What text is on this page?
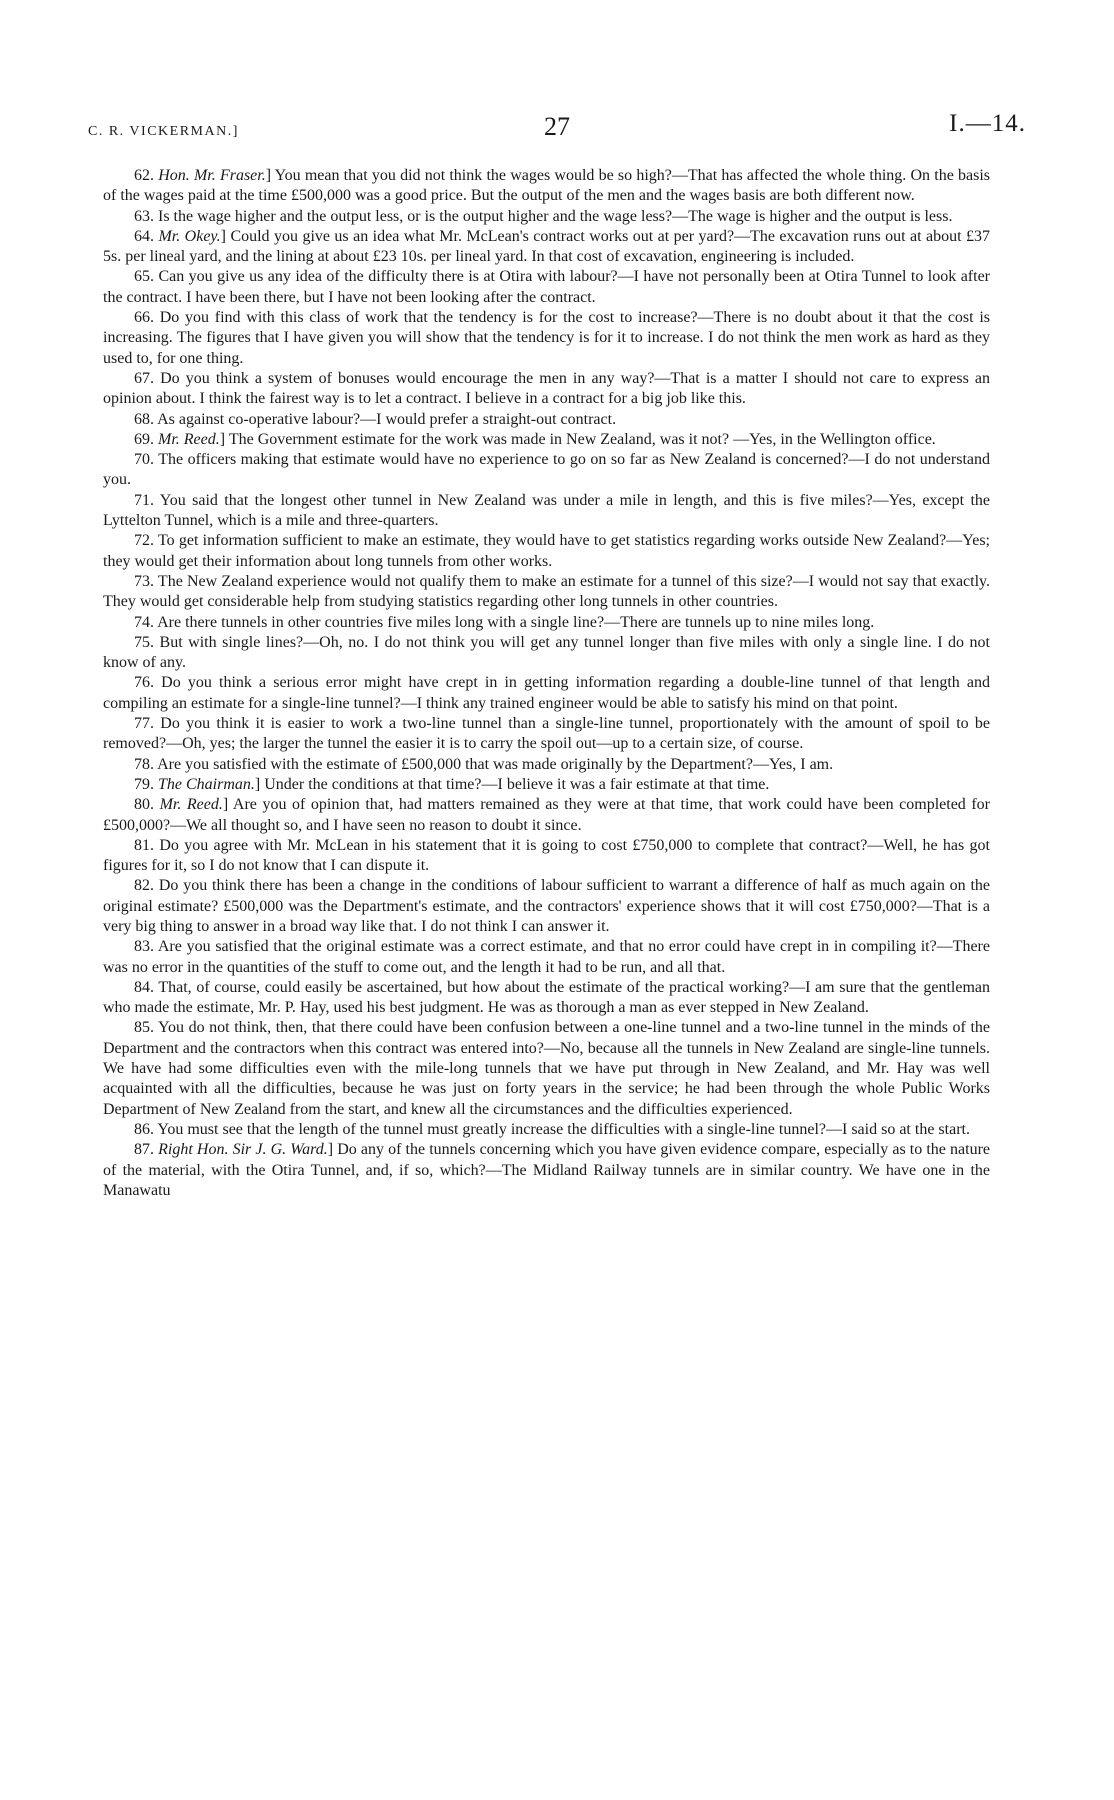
C. R. VICKERMAN.]	27	I.—14.

62. Hon. Mr. Fraser.] You mean that you did not think the wages would be so high?—That has affected the whole thing. On the basis of the wages paid at the time £500,000 was a good price. But the output of the men and the wages basis are both different now.

63. Is the wage higher and the output less, or is the output higher and the wage less?—The wage is higher and the output is less.

64. Mr. Okey.] Could you give us an idea what Mr. McLean's contract works out at per yard?—The excavation runs out at about £37 5s. per lineal yard, and the lining at about £23 10s. per lineal yard. In that cost of excavation, engineering is included.

65. Can you give us any idea of the difficulty there is at Otira with labour?—I have not personally been at Otira Tunnel to look after the contract. I have been there, but I have not been looking after the contract.

66. Do you find with this class of work that the tendency is for the cost to increase?—There is no doubt about it that the cost is increasing. The figures that I have given you will show that the tendency is for it to increase. I do not think the men work as hard as they used to, for one thing.

67. Do you think a system of bonuses would encourage the men in any way?—That is a matter I should not care to express an opinion about. I think the fairest way is to let a contract. I believe in a contract for a big job like this.

68. As against co-operative labour?—I would prefer a straight-out contract.

69. Mr. Reed.] The Government estimate for the work was made in New Zealand, was it not? —Yes, in the Wellington office.

70. The officers making that estimate would have no experience to go on so far as New Zealand is concerned?—I do not understand you.

71. You said that the longest other tunnel in New Zealand was under a mile in length, and this is five miles?—Yes, except the Lyttelton Tunnel, which is a mile and three-quarters.

72. To get information sufficient to make an estimate, they would have to get statistics regarding works outside New Zealand?—Yes; they would get their information about long tunnels from other works.

73. The New Zealand experience would not qualify them to make an estimate for a tunnel of this size?—I would not say that exactly. They would get considerable help from studying statistics regarding other long tunnels in other countries.

74. Are there tunnels in other countries five miles long with a single line?—There are tunnels up to nine miles long.

75. But with single lines?—Oh, no. I do not think you will get any tunnel longer than five miles with only a single line. I do not know of any.

76. Do you think a serious error might have crept in in getting information regarding a double-line tunnel of that length and compiling an estimate for a single-line tunnel?—I think any trained engineer would be able to satisfy his mind on that point.

77. Do you think it is easier to work a two-line tunnel than a single-line tunnel, proportionately with the amount of spoil to be removed?—Oh, yes; the larger the tunnel the easier it is to carry the spoil out—up to a certain size, of course.

78. Are you satisfied with the estimate of £500,000 that was made originally by the Department?—Yes, I am.

79. The Chairman.] Under the conditions at that time?—I believe it was a fair estimate at that time.

80. Mr. Reed.] Are you of opinion that, had matters remained as they were at that time, that work could have been completed for £500,000?—We all thought so, and I have seen no reason to doubt it since.

81. Do you agree with Mr. McLean in his statement that it is going to cost £750,000 to complete that contract?—Well, he has got figures for it, so I do not know that I can dispute it.

82. Do you think there has been a change in the conditions of labour sufficient to warrant a difference of half as much again on the original estimate? £500,000 was the Department's estimate, and the contractors' experience shows that it will cost £750,000?—That is a very big thing to answer in a broad way like that. I do not think I can answer it.

83. Are you satisfied that the original estimate was a correct estimate, and that no error could have crept in in compiling it?—There was no error in the quantities of the stuff to come out, and the length it had to be run, and all that.

84. That, of course, could easily be ascertained, but how about the estimate of the practical working?—I am sure that the gentleman who made the estimate, Mr. P. Hay, used his best judgment. He was as thorough a man as ever stepped in New Zealand.

85. You do not think, then, that there could have been confusion between a one-line tunnel and a two-line tunnel in the minds of the Department and the contractors when this contract was entered into?—No, because all the tunnels in New Zealand are single-line tunnels. We have had some difficulties even with the mile-long tunnels that we have put through in New Zealand, and Mr. Hay was well acquainted with all the difficulties, because he was just on forty years in the service; he had been through the whole Public Works Department of New Zealand from the start, and knew all the circumstances and the difficulties experienced.

86. You must see that the length of the tunnel must greatly increase the difficulties with a single-line tunnel?—I said so at the start.

87. Right Hon. Sir J. G. Ward.] Do any of the tunnels concerning which you have given evidence compare, especially as to the nature of the material, with the Otira Tunnel, and, if so, which?—The Midland Railway tunnels are in similar country. We have one in the Manawatu
